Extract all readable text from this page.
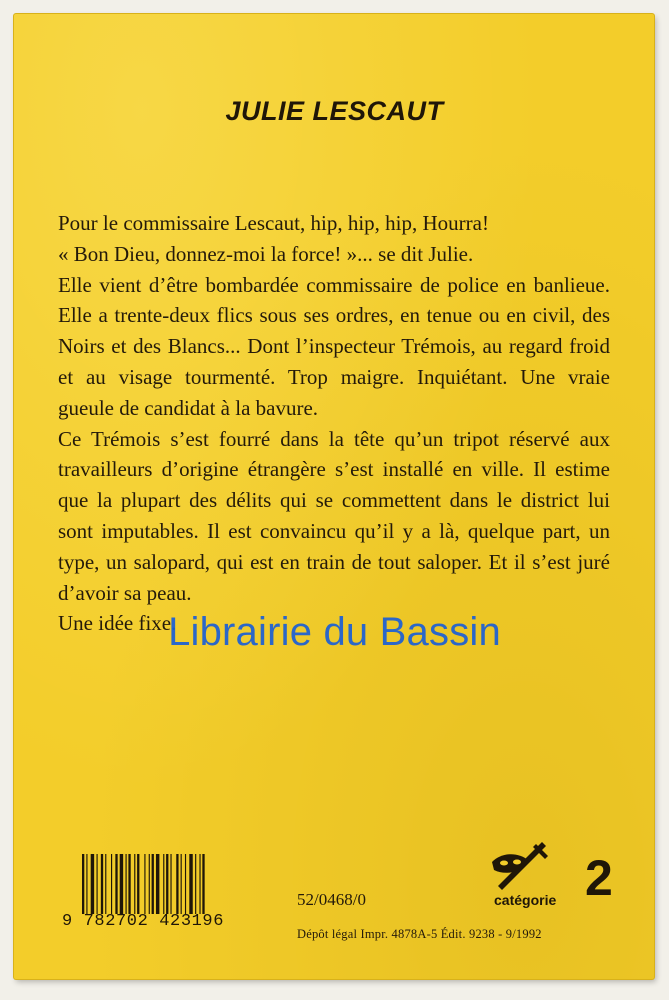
JULIE LESCAUT

Pour le commissaire Lescaut, hip, hip, hip, Hourra!

« Bon Dieu, donnez-moi la force! »... se dit Julie.

Elle vient d’être bombardée commissaire de police en banlieue. Elle a trente-deux flics sous ses ordres, en tenue ou en civil, des Noirs et des Blancs... Dont l’inspecteur Trémois, au regard froid et au visage tourmenté. Trop maigre. Inquiétant. Une vraie gueule de candidat à la bavure.

Ce Trémois s’est fourré dans la tête qu’un tripot réservé aux travailleurs d’origine étrangère s’est installé en ville. Il estime que la plupart des délits qui se commettent dans le district lui sont imputables. Il est convaincu qu’il y a là, quelque part, un type, un salopard, qui est en train de tout saloper. Et il s’est juré d’avoir sa peau.

Une idée fixe.

Librairie du Bassin
9 782702 423196
52/0468/0
Dépôt légal Impr. 4878A-5 Édit. 9238 - 9/1992
catégorie 2
